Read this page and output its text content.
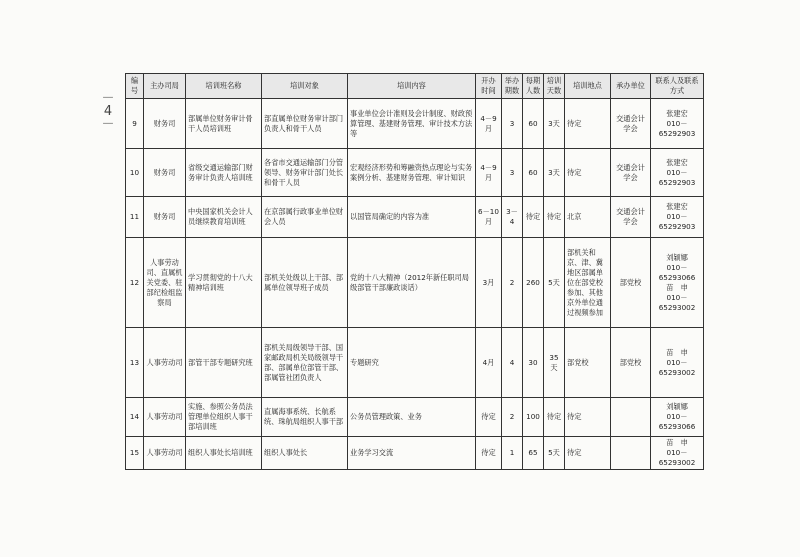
－4－
编号	主办司局	培训班名称	培训对象	培训内容	开办时间	举办期数	每期人数	培训天数	培训地点	承办单位	联系人及联系方式
9	财务司	部属单位财务审计骨干人员培训班	部直属单位财务审计部门负责人和骨干人员	事业单位会计准则及会计制度、财政预算管理、基建财务管理、审计技术方法等	4－9月	3	60	3天	待定	交通会计学会	张建宏
010－65292903
10	财务司	省级交通运输部门财务审计负责人培训班	各省市交通运输部门分管领导、财务审计部门处长和骨干人员	宏观经济形势和筹融资热点理论与实务案例分析、基建财务管理、审计知识	4－9月	3	60	3天	待定	交通会计学会	张建宏
010－65292903
11	财务司	中央国家机关会计人员继续教育培训班	在京部属行政事业单位财会人员	以国管局确定的内容为准	6－10月	3－4	待定	待定	北京	交通会计学会	张建宏
010－65292903
12	人事劳动司、直属机关党委、驻部纪检组监察局	学习贯彻党的十八大精神培训班	部机关处级以上干部、部属单位领导班子成员	党的十八大精神（2012年新任职司局级部管干部廉政谈话）	3月	2	260	5天	部机关和京、津、冀地区部属单位在部党校参加、其他京外单位通过视频参加	部党校	刘颖娜
010－65293066
苗　申
010－65293002
13	人事劳动司	部管干部专题研究班	部机关局级领导干部、国家邮政局机关局级领导干部、部属单位部管干部、部属管社团负责人	专题研究	4月	4	30	35天	部党校	部党校	苗　申
010－65293002
14	人事劳动司	实施、参照公务员法管理单位组织人事干部培训班	直属海事系统、长航系统、珠航局组织人事干部	公务员管理政策、业务	待定	2	100	待定	待定		刘颖娜
010－65293066
15	人事劳动司	组织人事处长培训班	组织人事处长	业务学习交流	待定	1	65	5天	待定		苗　申
010－65293002
